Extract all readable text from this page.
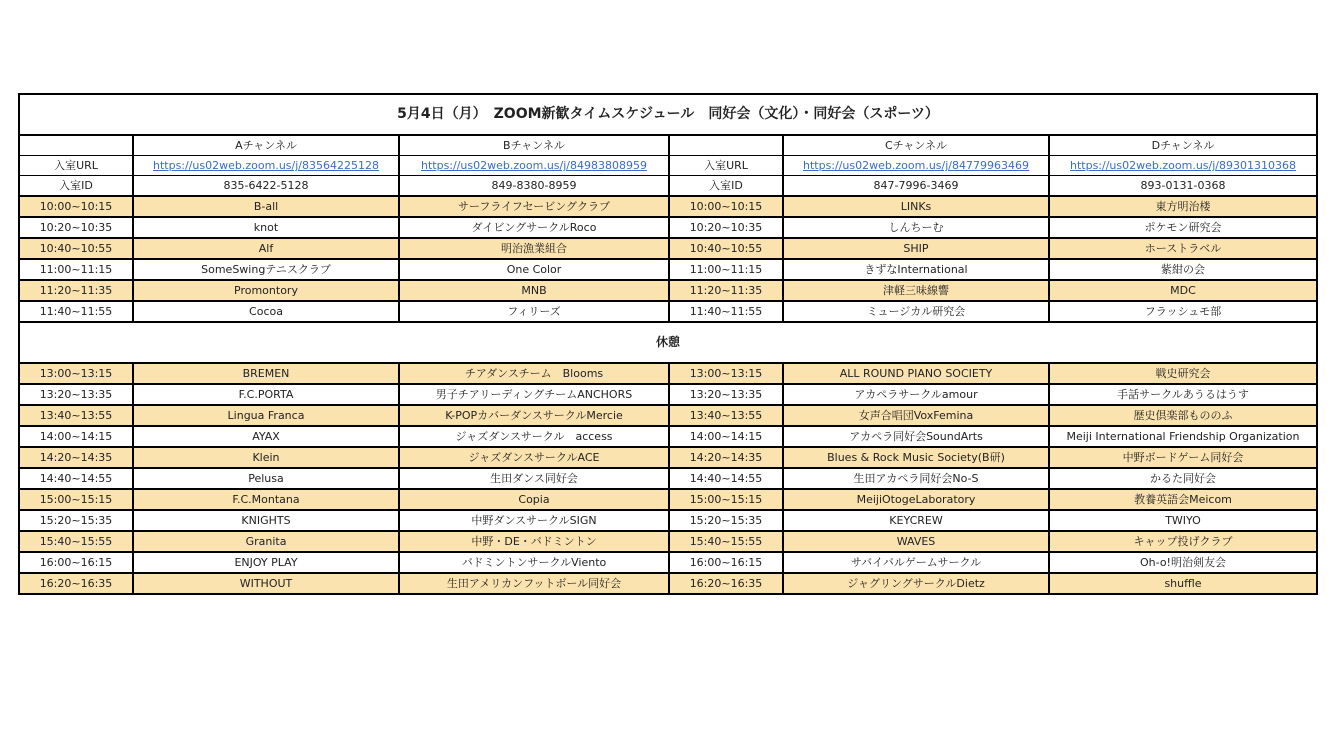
5月4日（月）　ZOOM新歓タイムスケジュール　同好会（文化）・同好会（スポーツ）					
	Aチャンネル	Bチャンネル		Cチャンネル	Dチャンネル
入室URL	https://us02web.zoom.us/j/83564225128	https://us02web.zoom.us/j/84983808959	入室URL	https://us02web.zoom.us/j/84779963469	https://us02web.zoom.us/j/89301310368
入室ID	835-6422-5128	849-8380-8959	入室ID	847-7996-3469	893-0131-0368
10:00~10:15	B-all	サーフライフセービングクラブ	10:00~10:15	LINKs	東方明治楼
10:20~10:35	knot	ダイビングサークルRoco	10:20~10:35	しんちーむ	ポケモン研究会
10:40~10:55	Alf	明治漁業組合	10:40~10:55	SHIP	ホーストラベル
11:00~11:15	SomeSwingテニスクラブ	One Color	11:00~11:15	きずなInternational	紫紺の会
11:20~11:35	Promontory	MNB	11:20~11:35	津軽三味線響	MDC
11:40~11:55	Cocoa	フィリーズ	11:40~11:55	ミュージカル研究会	フラッシュモ部
休憩					
13:00~13:15	BREMEN	チアダンスチーム　Blooms	13:00~13:15	ALL ROUND PIANO SOCIETY	戦史研究会
13:20~13:35	F.C.PORTA	男子チアリーディングチームANCHORS	13:20~13:35	アカペラサークルamour	手話サークルあうるはうす
13:40~13:55	Lingua Franca	K-POPカバーダンスサークルMercie	13:40~13:55	女声合唱団VoxFemina	歴史倶楽部もののふ
14:00~14:15	AYAX	ジャズダンスサークル　access	14:00~14:15	アカペラ同好会SoundArts	Meiji International Friendship Organization
14:20~14:35	Klein	ジャズダンスサークルACE	14:20~14:35	Blues & Rock Music Society(B研)	中野ボードゲーム同好会
14:40~14:55	Pelusa	生田ダンス同好会	14:40~14:55	生田アカペラ同好会No-S	かるた同好会
15:00~15:15	F.C.Montana	Copia	15:00~15:15	MeijiOtogeLaboratory	教養英語会Meicom
15:20~15:35	KNIGHTS	中野ダンスサークルSIGN	15:20~15:35	KEYCREW	TWIYO
15:40~15:55	Granita	中野・DE・バドミントン	15:40~15:55	WAVES	キャップ投げクラブ
16:00~16:15	ENJOY PLAY	バドミントンサークルViento	16:00~16:15	サバイバルゲームサークル	Oh-o!明治剣友会
16:20~16:35	WITHOUT	生田アメリカンフットボール同好会	16:20~16:35	ジャグリングサークルDietz	shuffle
